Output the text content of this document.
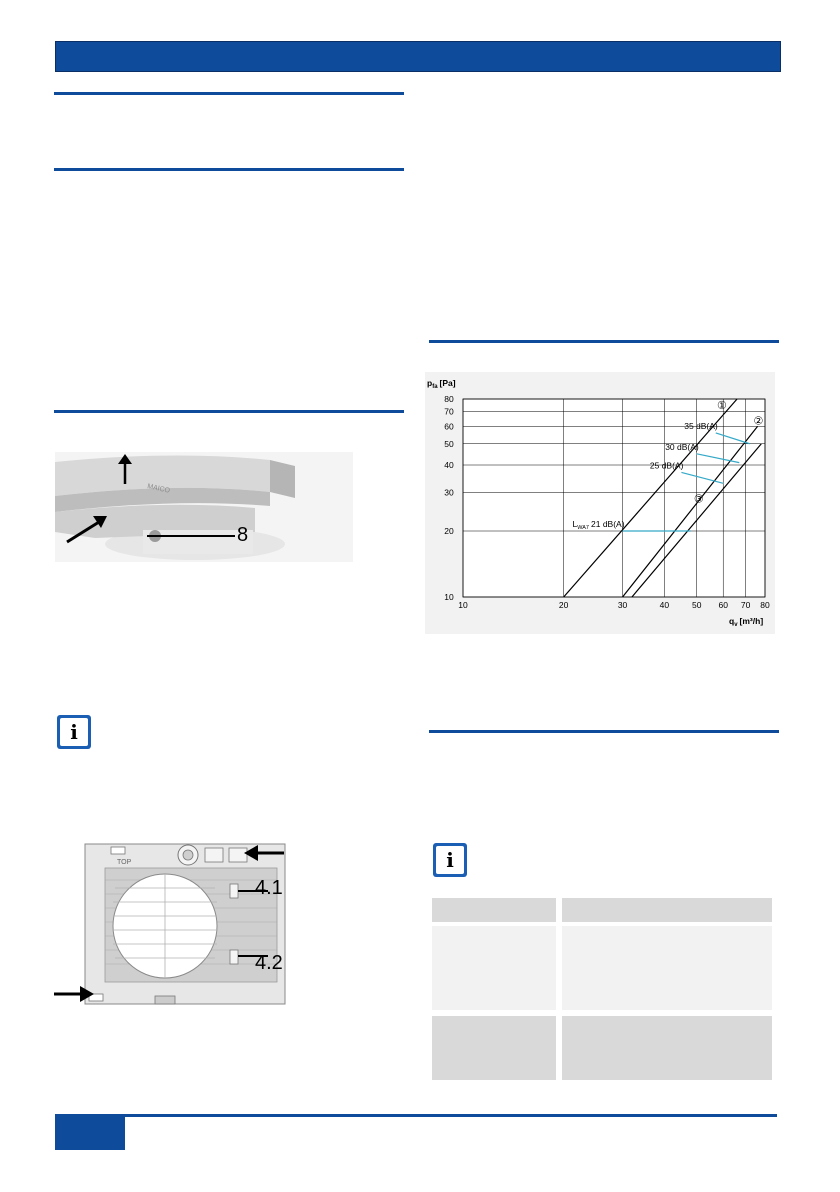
MAICO
8
i
TOP
4.1
4.2
10	20	30	40	50 60 70 80
10
20
30
40
50
60
70
80
①
②
③
35 dB(A)
30 dB(A)
25 dB(A)
$L_{WA7}$ 21 dB(A)
$p_{fa}$ [Pa]
$q_v$ [m³/h]
i
